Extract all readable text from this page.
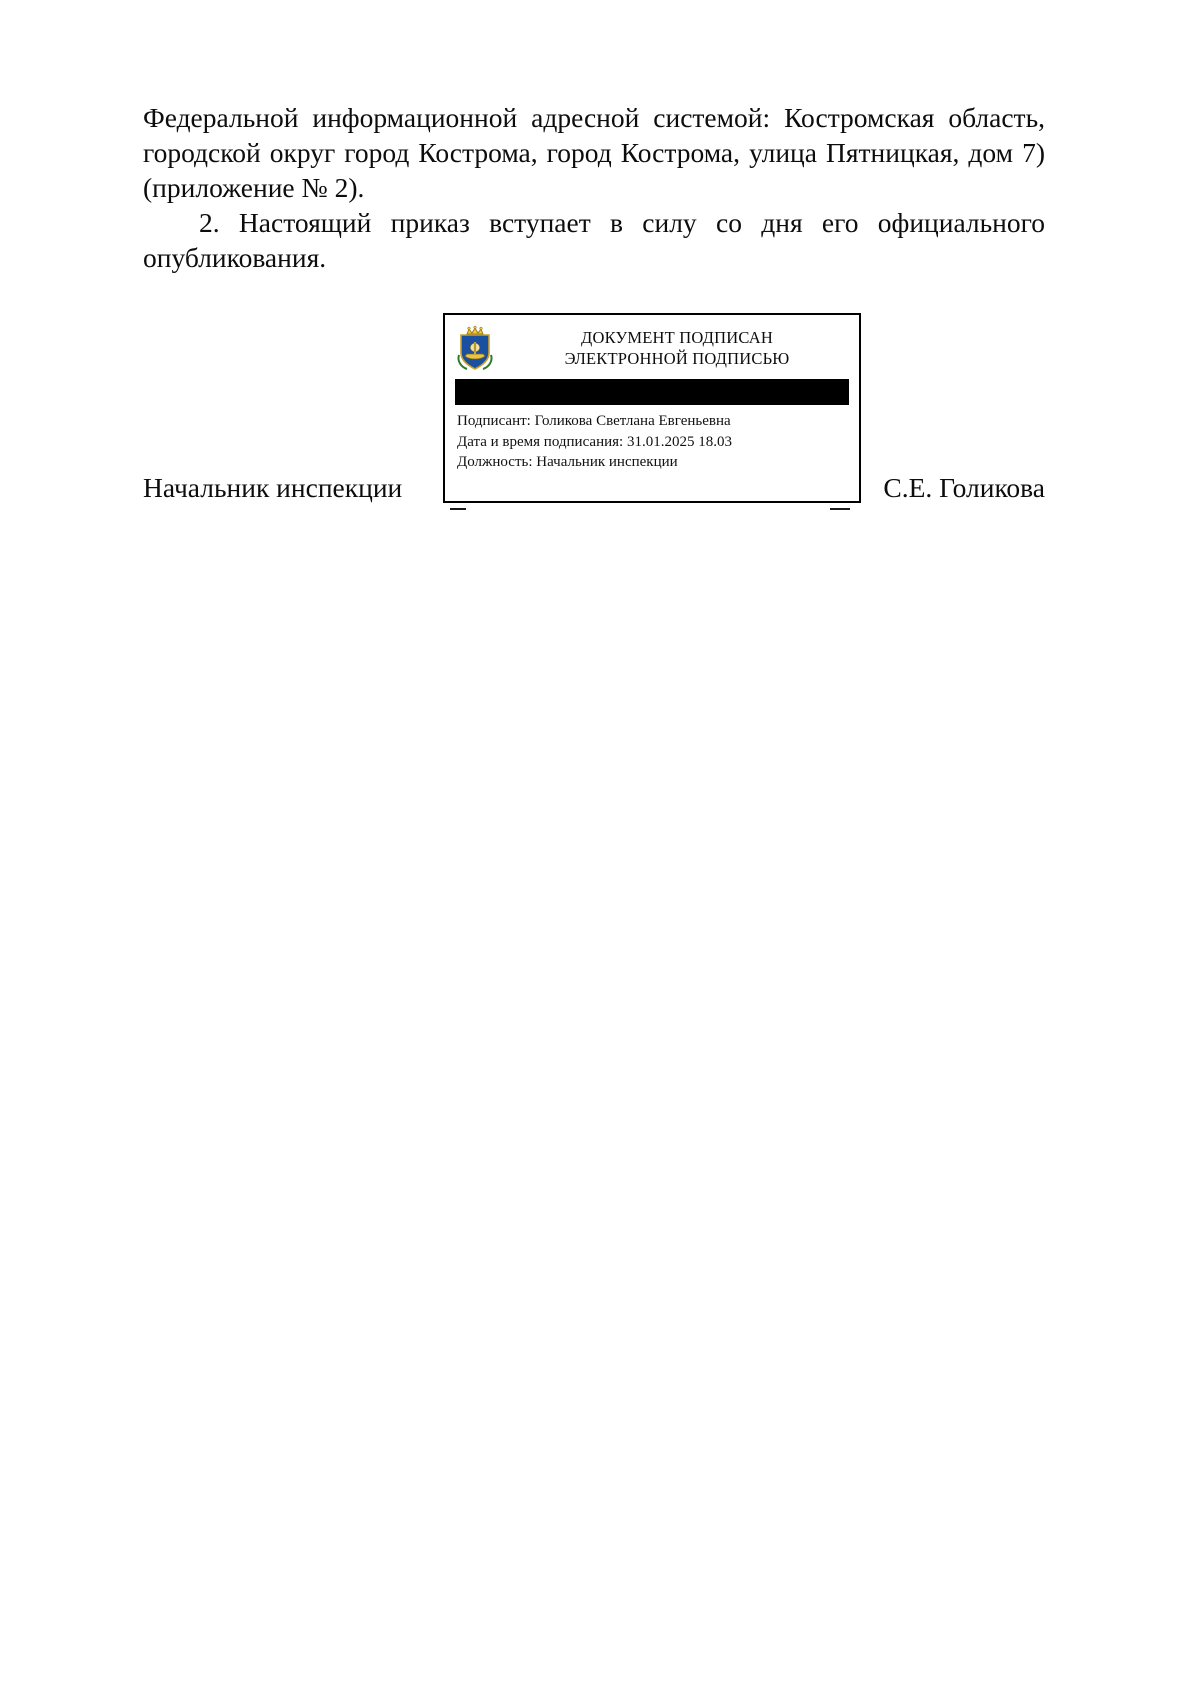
Федеральной информационной адресной системой: Костромская область, городской округ город Кострома, город Кострома, улица Пятницкая, дом 7) (приложение № 2).

2. Настоящий приказ вступает в силу со дня его официального опубликования.

ДОКУМЕНТ ПОДПИСАН
ЭЛЕКТРОННОЙ ПОДПИСЬЮ
Подписант: Голикова Светлана Евгеньевна
Дата и время подписания: 31.01.2025 18.03
Должность: Начальник инспекции
Начальник инспекции	С.Е. Голикова
